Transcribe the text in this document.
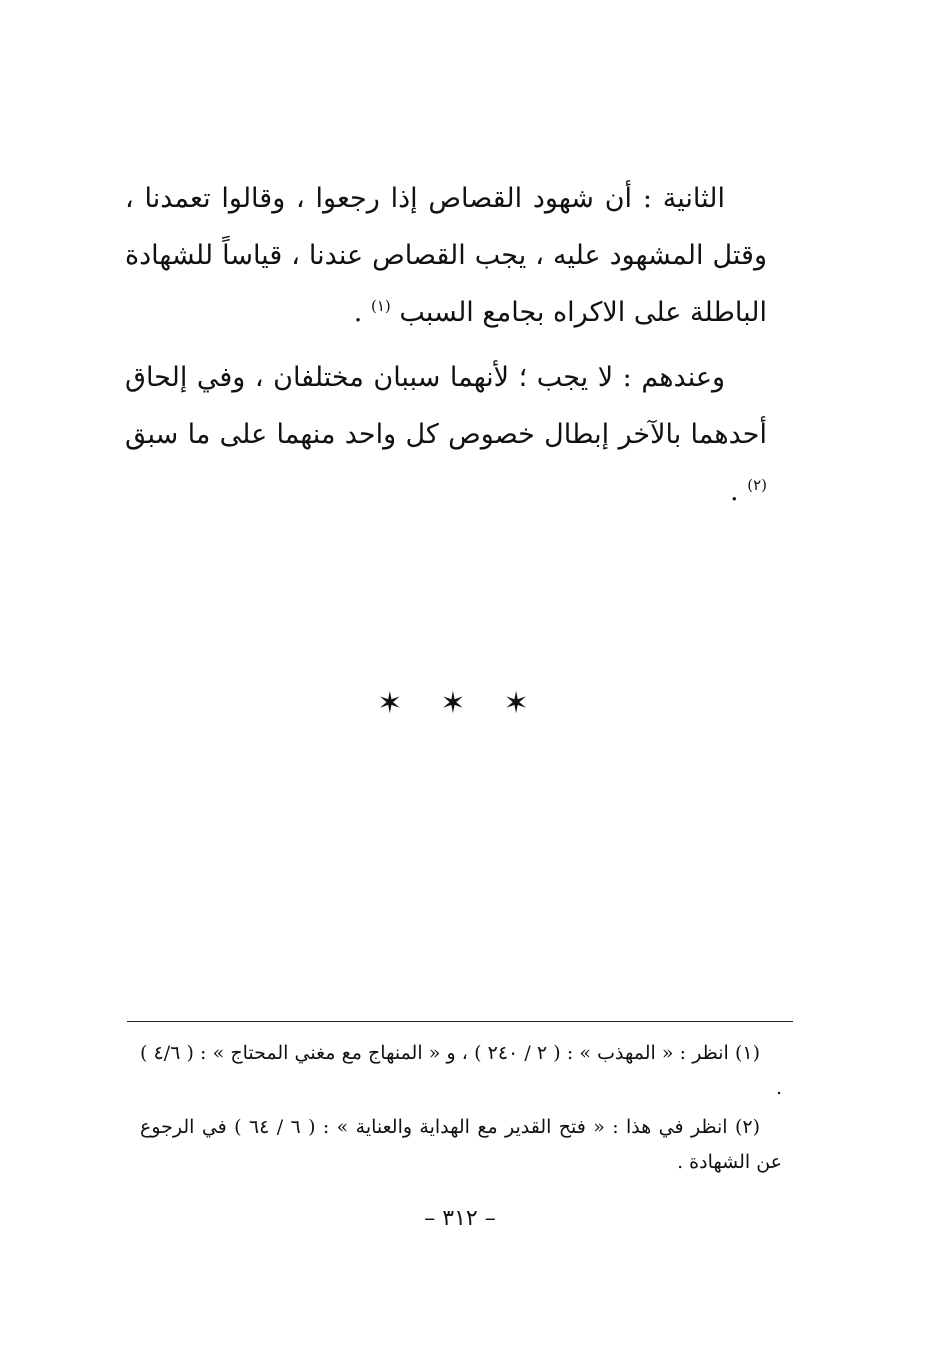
الثانية : أن شهود القصاص إذا رجعوا ، وقالوا تعمدنا ، وقتل المشهود عليه ، يجب القصاص عندنا ، قياساً للشهادة الباطلة على الاكراه بجامع السبب $^{(١)}$ .

وعندهم : لا يجب ؛ لأنهما سببان مختلفان ، وفي إلحاق أحدهما بالآخر إبطال خصوص كل واحد منهما على ما سبق $^{(٢)}$ .

✶✶✶

(١) انظر : « المهذب » : ( ٢ / ٢٤٠ ) ، و « المنهاج مع مغني المحتاج » : ( ٤/٦ ) .

(٢) انظر في هذا : « فتح القدير مع الهداية والعناية » : ( ٦ / ٦٤ ) في الرجوع عن الشهادة .

– ٣١٢ –
